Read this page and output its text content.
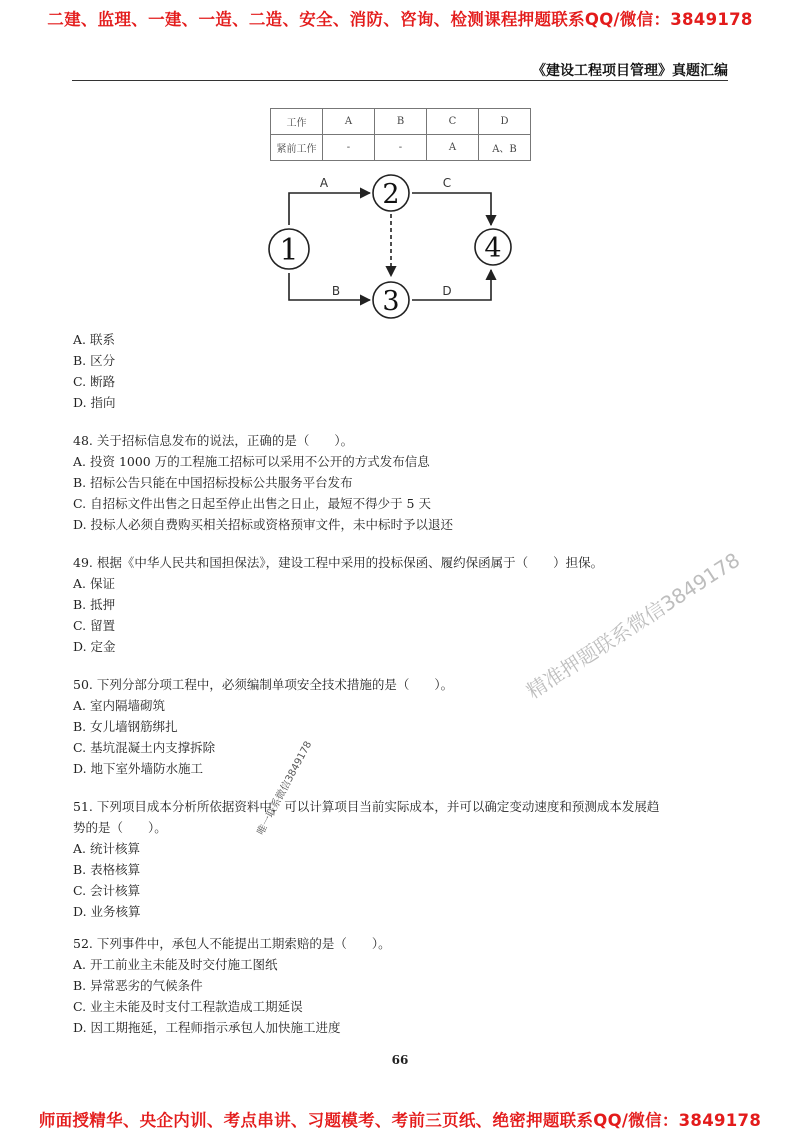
二建、监理、一建、一造、二造、安全、消防、咨询、检测课程押题联系QQ/微信：3849178
《建设工程项目管理》真题汇编
工作	A	B	C	D
紧前工作	-	-	A	A、B
1
2
3
4
A
B
C
D
A. 联系
B. 区分
C. 断路
D. 指向
48. 关于招标信息发布的说法，正确的是（　　）。
A. 投资 1000 万的工程施工招标可以采用不公开的方式发布信息
B. 招标公告只能在中国招标投标公共服务平台发布
C. 自招标文件出售之日起至停止出售之日止，最短不得少于 5 天
D. 投标人必须自费购买相关招标或资格预审文件，未中标时予以退还
49. 根据《中华人民共和国担保法》，建设工程中采用的投标保函、履约保函属于（　　）担保。
A. 保证
B. 抵押
C. 留置
D. 定金
50. 下列分部分项工程中，必须编制单项安全技术措施的是（　　）。
A. 室内隔墙砌筑
B. 女儿墙钢筋绑扎
C. 基坑混凝土内支撑拆除
D. 地下室外墙防水施工
51. 下列项目成本分析所依据资料中，可以计算项目当前实际成本，并可以确定变动速度和预测成本发展趋
势的是（　　）。
A. 统计核算
B. 表格核算
C. 会计核算
D. 业务核算
52. 下列事件中，承包人不能提出工期索赔的是（　　）。
A. 开工前业主未能及时交付施工图纸
B. 异常恶劣的气候条件
C. 业主未能及时支付工程款造成工期延误
D. 因工期拖延，工程师指示承包人加快施工进度
精准押题联系微信3849178
唯一联系微信3849178
66
师面授精华、央企内训、考点串讲、习题模考、考前三页纸、绝密押题联系QQ/微信：3849178
